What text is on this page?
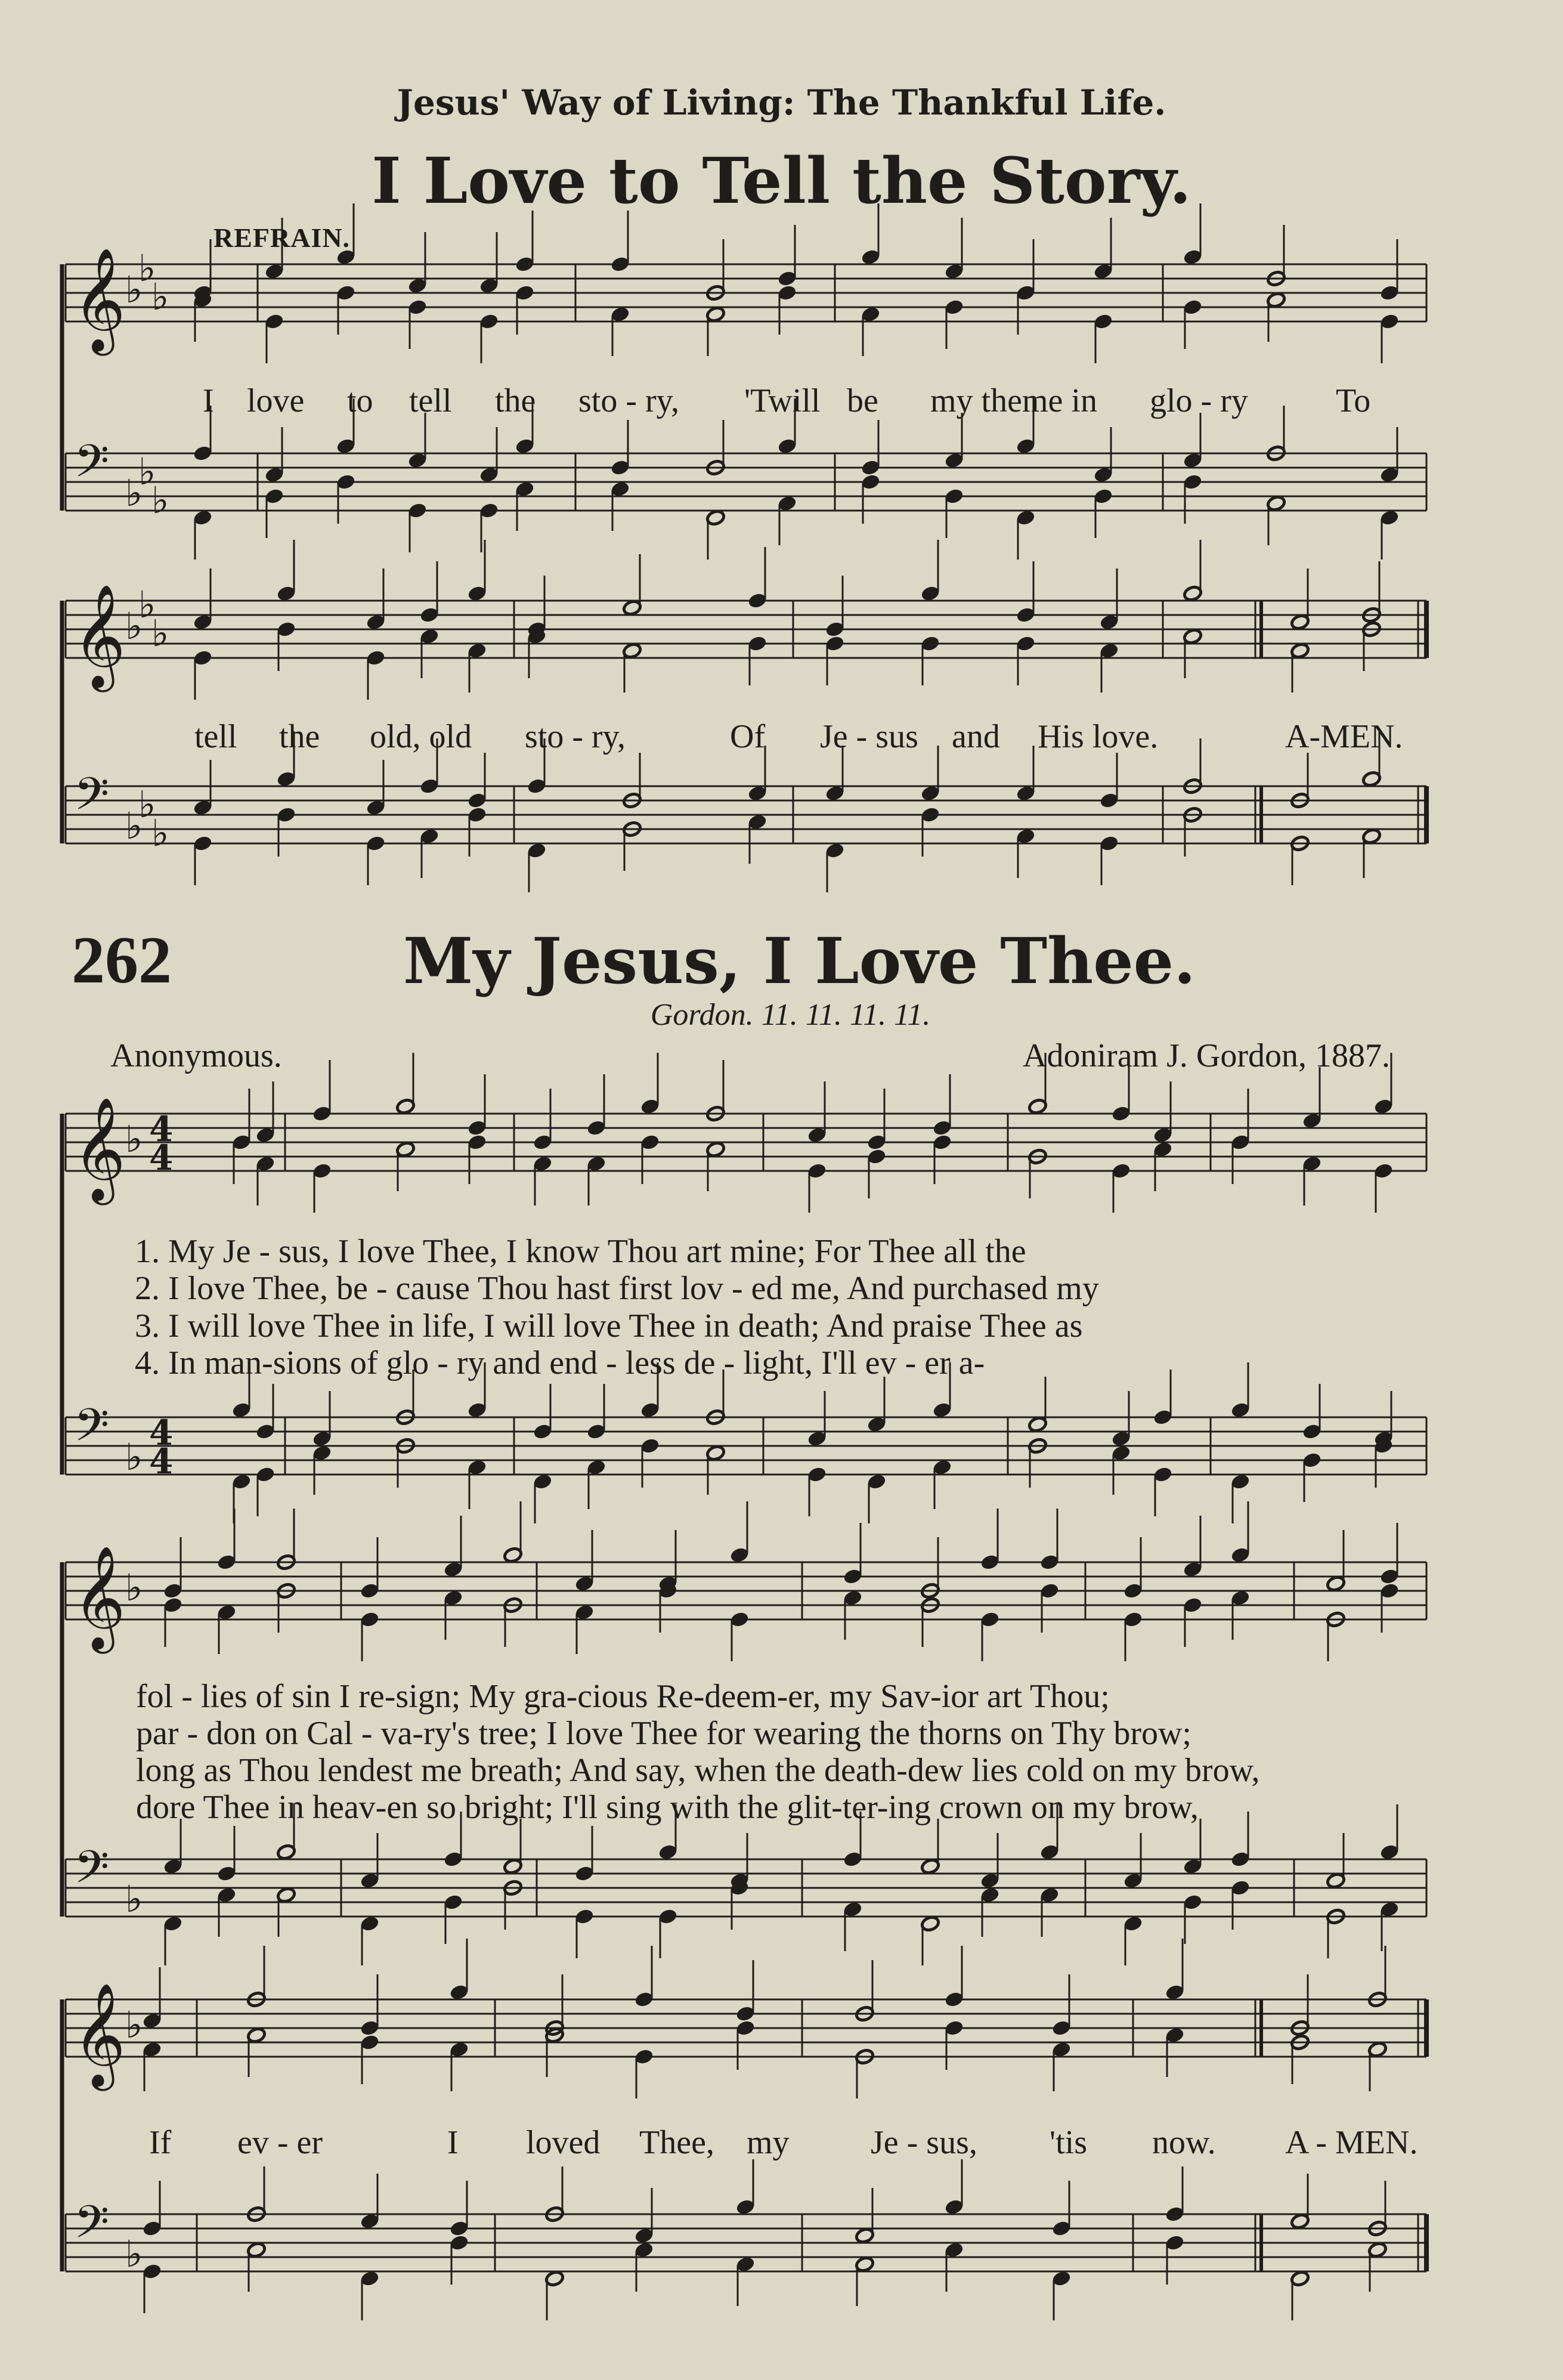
Jesus' Way of Living: The Thankful Life.
I Love to Tell the Story.
REFRAIN.
262	My Jesus, I Love Thee.
Gordon. 11. 11. 11. 11.
Anonymous.	Adoniram J. Gordon, 1887.
𝄞
𝄢
♭
♭
♭
♭
♭
♭
𝄞
𝄢
♭
♭
♭
♭
♭
♭
𝄞
𝄢
♭
♭
4
4
4
4
𝄞
𝄢
♭
♭
𝄞
𝄢
♭
♭
I love to tell the sto - ry, 'Twill be my theme in glo - ry	To
tell the old, old sto - ry,	Of Je - sus and His love.	A-MEN.
1. My Je - sus, I love Thee, I know Thou art mine; For Thee all the
2. I love Thee, be - cause Thou hast first lov - ed me, And purchased my
3. I will love Thee in life, I will love Thee in death; And praise Thee as
4. In man-sions of glo - ry and end - less de - light, I'll ev - er a-
fol - lies of sin I re-sign; My gra-cious Re-deem-er, my Sav-ior art Thou;
par - don on Cal - va-ry's tree; I love Thee for wearing the thorns on Thy brow;
long as Thou lendest me breath; And say, when the death-dew lies cold on my brow,
dore Thee in heav-en so bright; I'll sing with the glit-ter-ing crown on my brow,
If ev - er	I loved Thee, my Je - sus, 'tis now. A - MEN.
